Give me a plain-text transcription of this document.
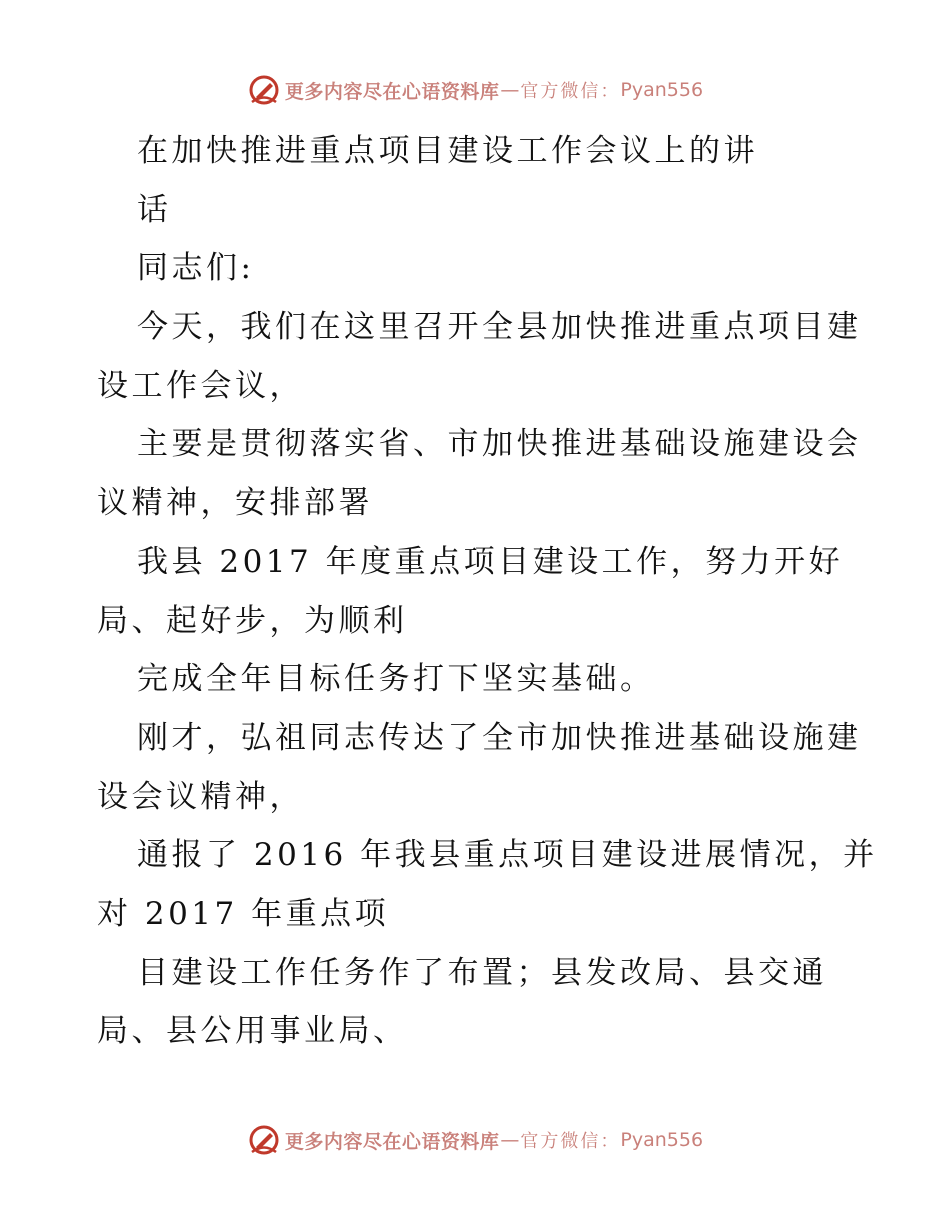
更多内容尽在心语资料库 — 官方微信： Pyan556

在加快推进重点项目建设工作会议上的讲

话

同志们:

今天，我们在这里召开全县加快推进重点项目建

设工作会议，

主要是贯彻落实省、市加快推进基础设施建设会

议精神，安排部署

我县 2017 年度重点项目建设工作，努力开好

局、起好步，为顺利

完成全年目标任务打下坚实基础。

刚才，弘祖同志传达了全市加快推进基础设施建

设会议精神，

通报了 2016 年我县重点项目建设进展情况，并

对 2017 年重点项

目建设工作任务作了布置；县发改局、县交通

局、县公用事业局、

更多内容尽在心语资料库 — 官方微信： Pyan556
